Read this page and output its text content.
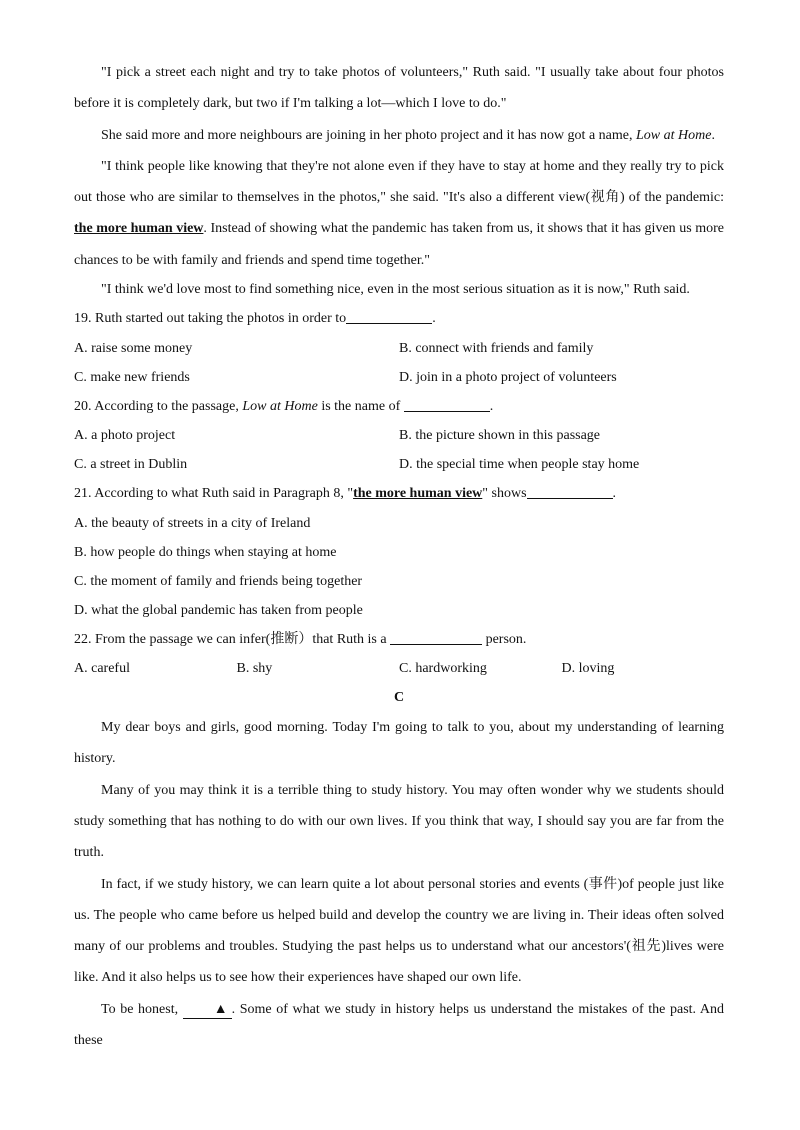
"I pick a street each night and try to take photos of volunteers," Ruth said. "I usually take about four photos before it is completely dark, but two if I'm talking a lot—which I love to do."

She said more and more neighbours are joining in her photo project and it has now got a name, Low at Home.

"I think people like knowing that they're not alone even if they have to stay at home and they really try to pick out those who are similar to themselves in the photos," she said. "It's also a different view(视角) of the pandemic: the more human view. Instead of showing what the pandemic has taken from us, it shows that it has given us more chances to be with family and friends and spend time together."

"I think we'd love most to find something nice, even in the most serious situation as it is now," Ruth said.

19. Ruth started out taking the photos in order to	.
A. raise some money	B. connect with friends and family
C. make new friends	D. join in a photo project of volunteers
20. According to the passage, Low at Home is the name of	.
A. a photo project	B. the picture shown in this passage
C. a street in Dublin	D. the special time when people stay home
21. According to what Ruth said in Paragraph 8, "the more human view" shows	.
A. the beauty of streets in a city of Ireland
B. how people do things when staying at home
C. the moment of family and friends being together
D. what the global pandemic has taken from people
22. From the passage we can infer(推断）that Ruth is a	person.
A. careful	B. shy	C. hardworking	D. loving
C

My dear boys and girls, good morning. Today I'm going to talk to you, about my understanding of learning history.

Many of you may think it is a terrible thing to study history. You may often wonder why we students should study something that has nothing to do with our own lives. If you think that way, I should say you are far from the truth.

In fact, if we study history, we can learn quite a lot about personal stories and events (事件)of people just like us. The people who came before us helped build and develop the country we are living in. Their ideas often solved many of our problems and troubles. Studying the past helps us to understand what our ancestors'(祖先)lives were like. And it also helps us to see how their experiences have shaped our own life.

To be honest, ▲ . Some of what we study in history helps us understand the mistakes of the past. And these
